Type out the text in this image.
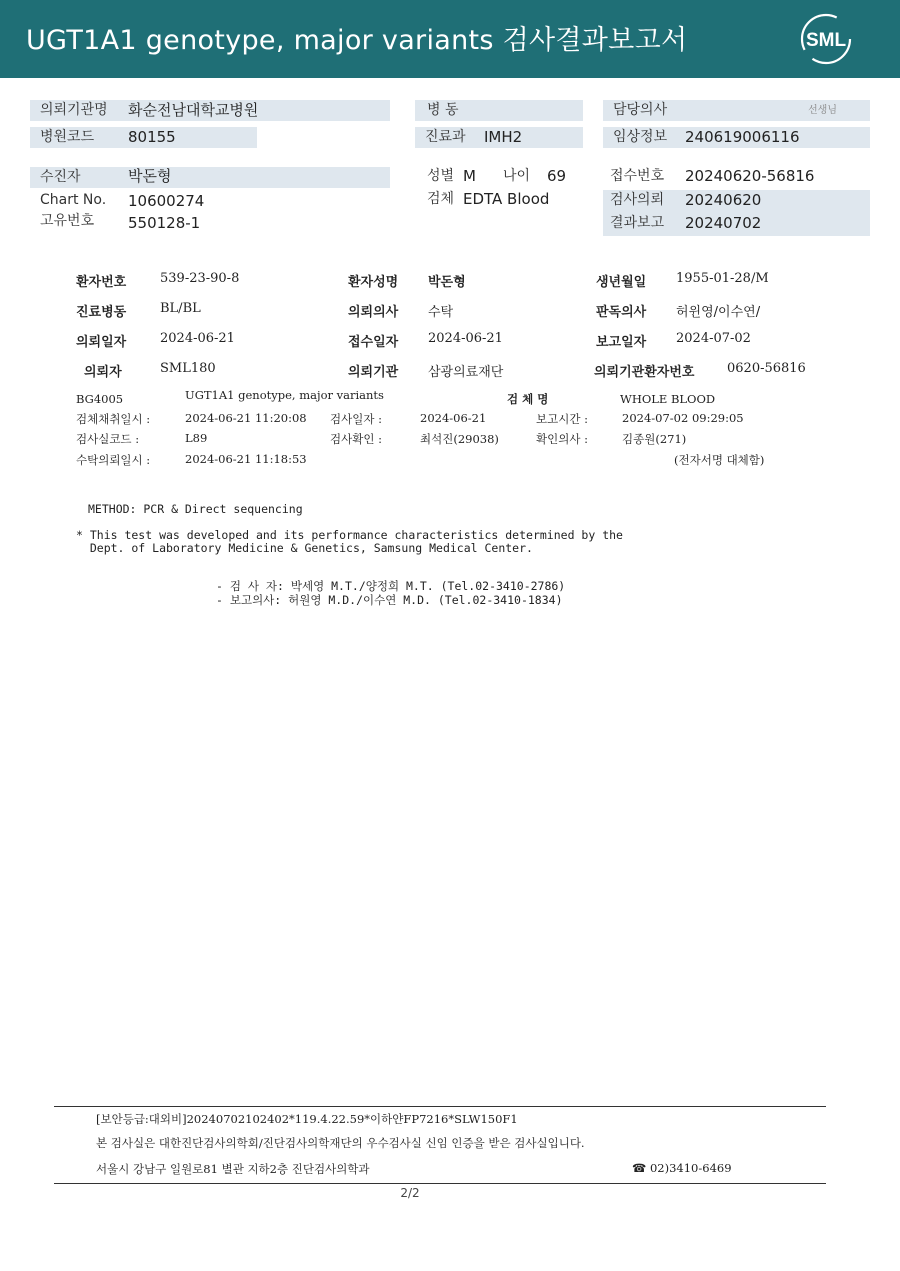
UGT1A1 genotype, major variants 검사결과보고서	SML
의뢰기관명	화순전남대학교병원
병원코드	80155
병 동
진료과	IMH2
담당의사	선생님
임상정보	240619006116
수진자	박돈형
Chart No. 10600274
고유번호 550128-1
성별 M 나이 69
검체 EDTA Blood
접수번호 20240620-56816
검사의뢰 20240620
결과보고 20240702
환자번호	539-23-90-8	환자성명 박돈형	생년월일 1955-01-28/M
진료병동	BL/BL	의뢰의사 수탁	판독의사 허윈영/이수연/
의뢰일자	2024-06-21	접수일자 2024-06-21	보고일자 2024-07-02
의뢰자	SML180	의뢰기관 삼광의료재단	의뢰기관환자번호	0620-56816
BG4005	UGT1A1 genotype, major variants	검 체 명	WHOLE BLOOD
검체채취일시 :	2024-06-21 11:20:08 검사일자 :	2024-06-21	보고시간 :	2024-07-02 09:29:05
검사실코드 :	L89	검사확인 :	최석진(29038)	확인의사 :	김종원(271)
수탁의뢰일시 :	2024-06-21 11:18:53	(전자서명 대체함)
METHOD: PCR & Direct sequencing
* This test was developed and its performance characteristics determined by the
Dept. of Laboratory Medicine & Genetics, Samsung Medical Center.
- 검 사 자: 박세영 M.T./양정희 M.T. (Tel.02-3410-2786)
- 보고의사: 허원영 M.D./이수연 M.D. (Tel.02-3410-1834)
[보안등급:대외비]20240702102402*119.4.22.59*이하얀FP7216*SLW150F1
본 검사실은 대한진단검사의학회/진단검사의학재단의 우수검사실 신임 인증을 받은 검사실입니다.
서울시 강남구 일원로81 별관 지하2층 진단검사의학과	☎ 02)3410-6469
2/2
